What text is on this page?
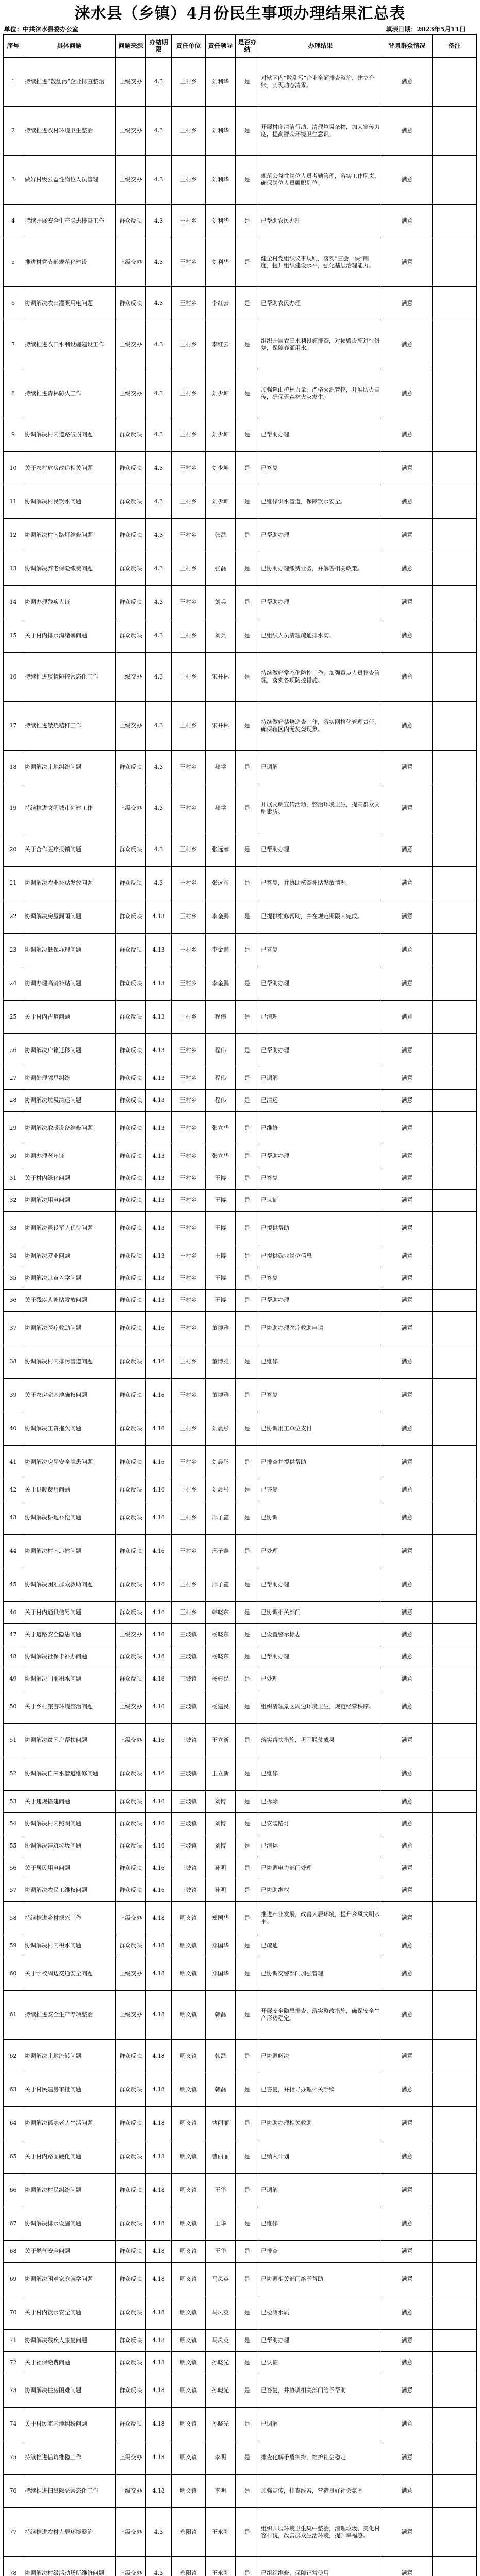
涞水县（乡镇）4月份民生事项办理结果汇总表
单位：中共涞水县委办公室	填表日期：2023年5月11日
序号	具体问题	问题来源	办结期限	责任单位	责任领导	是否办结	办理结果	背景群众情况	备注
1	持续推进“散乱污”企业排查整治	上级交办	4.3	王村乡	刘利华	是	对辖区内“散乱污”企业全面排查整治，建立台账，实现动态清零。	满意	
2	持续推进农村环境卫生整治	上级交办	4.3	王村乡	刘利华	是	开展村庄清洁行动，清理垃圾杂物，加大宣传力度，提高群众环境卫生意识。	满意	
3	做好村级公益性岗位人员管理	上级交办	4.3	王村乡	刘利华	是	规范公益性岗位人员考勤管理，落实工作职责，确保岗位人员履职到位。	满意	
4	持续开展安全生产隐患排查工作	群众反映	4.3	王村乡	刘利华	是	已帮助农民办理	满意	
5	推进村党支部规范化建设	上级交办	4.3	王村乡	刘利华	是	健全村党组织议事规则，落实“三会一课”制度，提升组织建设水平，强化基层治理能力。	满意	
6	协调解决农田灌溉用电问题	群众反映	4.3	王村乡	李红云	是	已帮助农民办理	满意	
7	持续推进农田水利设施建设工作	上级交办	4.3	王村乡	李红云	是	组织开展农田水利设施排查，对损毁设施进行修复，保障春灌用水。	满意	
8	持续推进森林防火工作	上级交办	4.3	王村乡	刘少坤	是	加强巡山护林力量，严格火源管控，开展防火宣传，确保无森林火灾发生。	满意	
9	协调解决村内道路破损问题	群众反映	4.3	王村乡	刘少坤	是	已帮助办理	满意	
10	关于农村危房改造相关问题	群众反映	4.3	王村乡	刘少坤	是	已答复	满意	
11	协调解决村民饮水问题	群众反映	4.3	王村乡	刘少坤	是	已维修供水管道，保障饮水安全。	满意	
12	协调解决村内路灯维修问题	群众反映	4.3	王村乡	张磊	是	已帮助办理	满意	
13	协调解决养老保险缴费问题	群众反映	4.3	王村乡	张磊	是	已协助办理缴费业务，并解答相关政策。	满意	
14	协调办理残疾人证	群众反映	4.3	王村乡	刘兵	是	已帮助办理	满意	
15	关于村内排水沟堵塞问题	群众反映	4.3	王村乡	刘兵	是	已组织人员清理疏通排水沟。	满意	
16	持续推进疫情防控常态化工作	上级交办	4.3	王村乡	宋井林	是	持续做好常态化防控工作，加强重点人员排查管理，落实各项防控措施。	满意	
17	持续推进禁烧秸秆工作	上级交办	4.3	王村乡	宋井林	是	持续做好禁烧巡查工作，落实网格化管理责任，确保辖区内无焚烧现象。	满意	
18	协调解决土地纠纷问题	群众反映	4.3	王村乡	郝学	是	已调解	满意	
19	持续推进文明城市创建工作	上级交办	4.3	王村乡	郝学	是	开展文明宣传活动，整治环境卫生，提高群众文明素质。	满意	
20	关于合作医疗报销问题	群众反映	4.3	王村乡	张远彦	是	已帮助办理	满意	
21	协调解决农业补贴发放问题	群众反映	4.3	王村乡	张远彦	是	已答复，并协助核查补贴发放情况。	满意	
22	协调解决房屋漏雨问题	群众反映	4.13	王村乡	李金鹏	是	已提供维修帮助，并在规定期限内完成。	满意	
23	协调解决低保办理问题	群众反映	4.13	王村乡	李金鹏	是	已答复	满意	
24	协调办理高龄补贴问题	群众反映	4.13	王村乡	李金鹏	是	已帮助办理	满意	
25	关于村内占道问题	群众反映	4.13	王村乡	程伟	是	已清理	满意	
26	协调解决户籍迁移问题	群众反映	4.13	王村乡	程伟	是	已帮助办理	满意	
27	协调处理邻里纠纷	群众反映	4.13	王村乡	程伟	是	已调解	满意	
28	协调解决垃圾清运问题	群众反映	4.13	王村乡	程伟	是	已清运	满意	
29	协调解决取暖设备维修问题	群众反映	4.13	王村乡	张立华	是	已维修	满意	
30	协调办理老年证	群众反映	4.13	王村乡	张立华	是	已帮助办理	满意	
31	关于村内绿化问题	群众反映	4.13	王村乡	王博	是	已答复	满意	
32	协调解决用电问题	群众反映	4.13	王村乡	王博	是	已认证	满意	
33	协调解决退役军人优待问题	群众反映	4.13	王村乡	王博	是	已提供帮助	满意	
34	协调解决就业问题	群众反映	4.13	王村乡	王博	是	已提供就业岗位信息	满意	
35	协调解决儿童入学问题	群众反映	4.13	王村乡	王博	是	已答复	满意	
36	关于残疾人补贴发放问题	群众反映	4.13	王村乡	王博	是	已帮助办理	满意	
37	协调解决医疗救助问题	群众反映	4.16	王村乡	董博雅	是	已协助办理医疗救助申请	满意	
38	协调解决村内排污管道问题	群众反映	4.16	王村乡	董博雅	是	已维修	满意	
39	关于农房宅基地确权问题	群众反映	4.16	王村乡	董博雅	是	已答复	满意	
40	协调解决工资拖欠问题	群众反映	4.16	王村乡	刘晨彤	是	已协调用工单位支付	满意	
41	协调解决房屋安全隐患问题	群众反映	4.16	王村乡	刘晨彤	是	已排查并提供帮助	满意	
42	关于供暖费用问题	群众反映	4.16	王村乡	刘晨彤	是	已答复	满意	
43	协调解决耕地补偿问题	群众反映	4.16	王村乡	邢子鑫	是	已协调	满意	
44	协调解决村内违建问题	群众反映	4.16	王村乡	邢子鑫	是	已处理	满意	
45	协调解决困难群众救助问题	群众反映	4.16	王村乡	邢子鑫	是	已帮助办理	满意	
46	关于村内通讯信号问题	群众反映	4.16	王村乡	韩晓东	是	已协调相关部门	满意	
47	关于道路安全隐患问题	上级交办	4.16	三坡镇	杨晓东	是	已设置警示标志	满意	
48	协调解决社保卡补办问题	群众反映	4.16	三坡镇	杨晓东	是	已帮助办理	满意	
49	协调解决门前积水问题	群众反映	4.16	三坡镇	杨建民	是	已处理	满意	
50	关于乡村旅游环境整治问题	上级交办	4.16	三坡镇	杨建民	是	组织清理景区周边环境卫生，规范经营秩序。	满意	
51	协调解决贫困户帮扶问题	上级交办	4.16	三坡镇	王立新	是	落实帮扶措施，巩固脱贫成果	满意	
52	协调解决自来水管道维修问题	群众反映	4.16	三坡镇	王立新	是	已维修	满意	
53	关于违规搭建问题	群众反映	4.16	三坡镇	刘博	是	已拆除	满意	
54	协调解决村内照明问题	群众反映	4.16	三坡镇	刘博	是	已安装路灯	满意	
55	协调解决建筑垃圾问题	群众反映	4.16	三坡镇	刘博	是	已清运	满意	
56	关于居民用电问题	群众反映	4.16	三坡镇	孙明	是	已协调电力部门处理	满意	
57	协调解决农民工维权问题	群众反映	4.16	三坡镇	孙明	是	已协助维权	满意	
58	持续推进乡村振兴工作	上级交办	4.18	明义镇	郑国华	是	推进产业发展，改善人居环境，提升乡风文明水平。	满意	
59	协调解决村内积水问题	群众反映	4.18	明义镇	郑国华	是	已疏通	满意	
60	关于学校周边交通安全问题	上级交办	4.18	明义镇	郑国华	是	已协调交警部门加强管理	满意	
61	持续推进安全生产专项整治	上级交办	4.18	明义镇	韩磊	是	开展安全隐患排查，落实整改措施，确保安全生产形势稳定。	满意	
62	协调解决土地流转问题	群众反映	4.18	明义镇	韩磊	是	已协调解决	满意	
63	关于村民建房审批问题	群众反映	4.18	明义镇	韩磊	是	已答复，并指导办理相关手续	满意	
64	协调解决孤寡老人生活问题	群众反映	4.18	明义镇	曹丽丽	是	已协助办理相关救助	满意	
65	关于村内路面硬化问题	群众反映	4.18	明义镇	曹丽丽	是	已纳入计划	满意	
66	协调解决村民纠纷问题	群众反映	4.18	明义镇	王华	是	已调解	满意	
67	协调解决排水设施问题	群众反映	4.18	明义镇	王华	是	已维修	满意	
68	关于燃气安全问题	群众反映	4.18	明义镇	王华	是	已排查	满意	
69	协调解决困难家庭就学问题	群众反映	4.18	明义镇	马凤英	是	已协调相关部门给予帮助	满意	
70	关于村内饮水安全问题	群众反映	4.18	明义镇	马凤英	是	已检测水质	满意	
71	协调解决残疾人康复问题	群众反映	4.18	明义镇	马凤英	是	已帮助办理	满意	
72	关于社保缴费问题	群众反映	4.18	明义镇	孙晓光	是	已认证	满意	
73	协调解决住房困难问题	群众反映	4.18	明义镇	孙晓光	是	已答复，并协调相关部门给予帮助	满意	
74	关于村民宅基地纠纷问题	群众反映	4.18	明义镇	孙晓光	是	已调解	满意	
75	持续推进信访维稳工作	上级交办	4.18	明义镇	李明	是	排查化解矛盾纠纷，维护社会稳定	满意	
76	持续推进扫黑除恶常态化工作	上级交办	4.18	明义镇	李明	是	加强宣传，排查线索，营造良好社会氛围	满意	
77	持续推进农村人居环境整治	上级交办	4.3	永阳镇	王永刚	是	组织开展环境卫生集中整治，清理垃圾，美化村容村貌，改善群众生活环境，提升幸福感。	满意	
78	协调解决村级活动场所维修问题	上级交办	4.3	永阳镇	王永刚	是	已组织维修，保障正常使用	满意	
